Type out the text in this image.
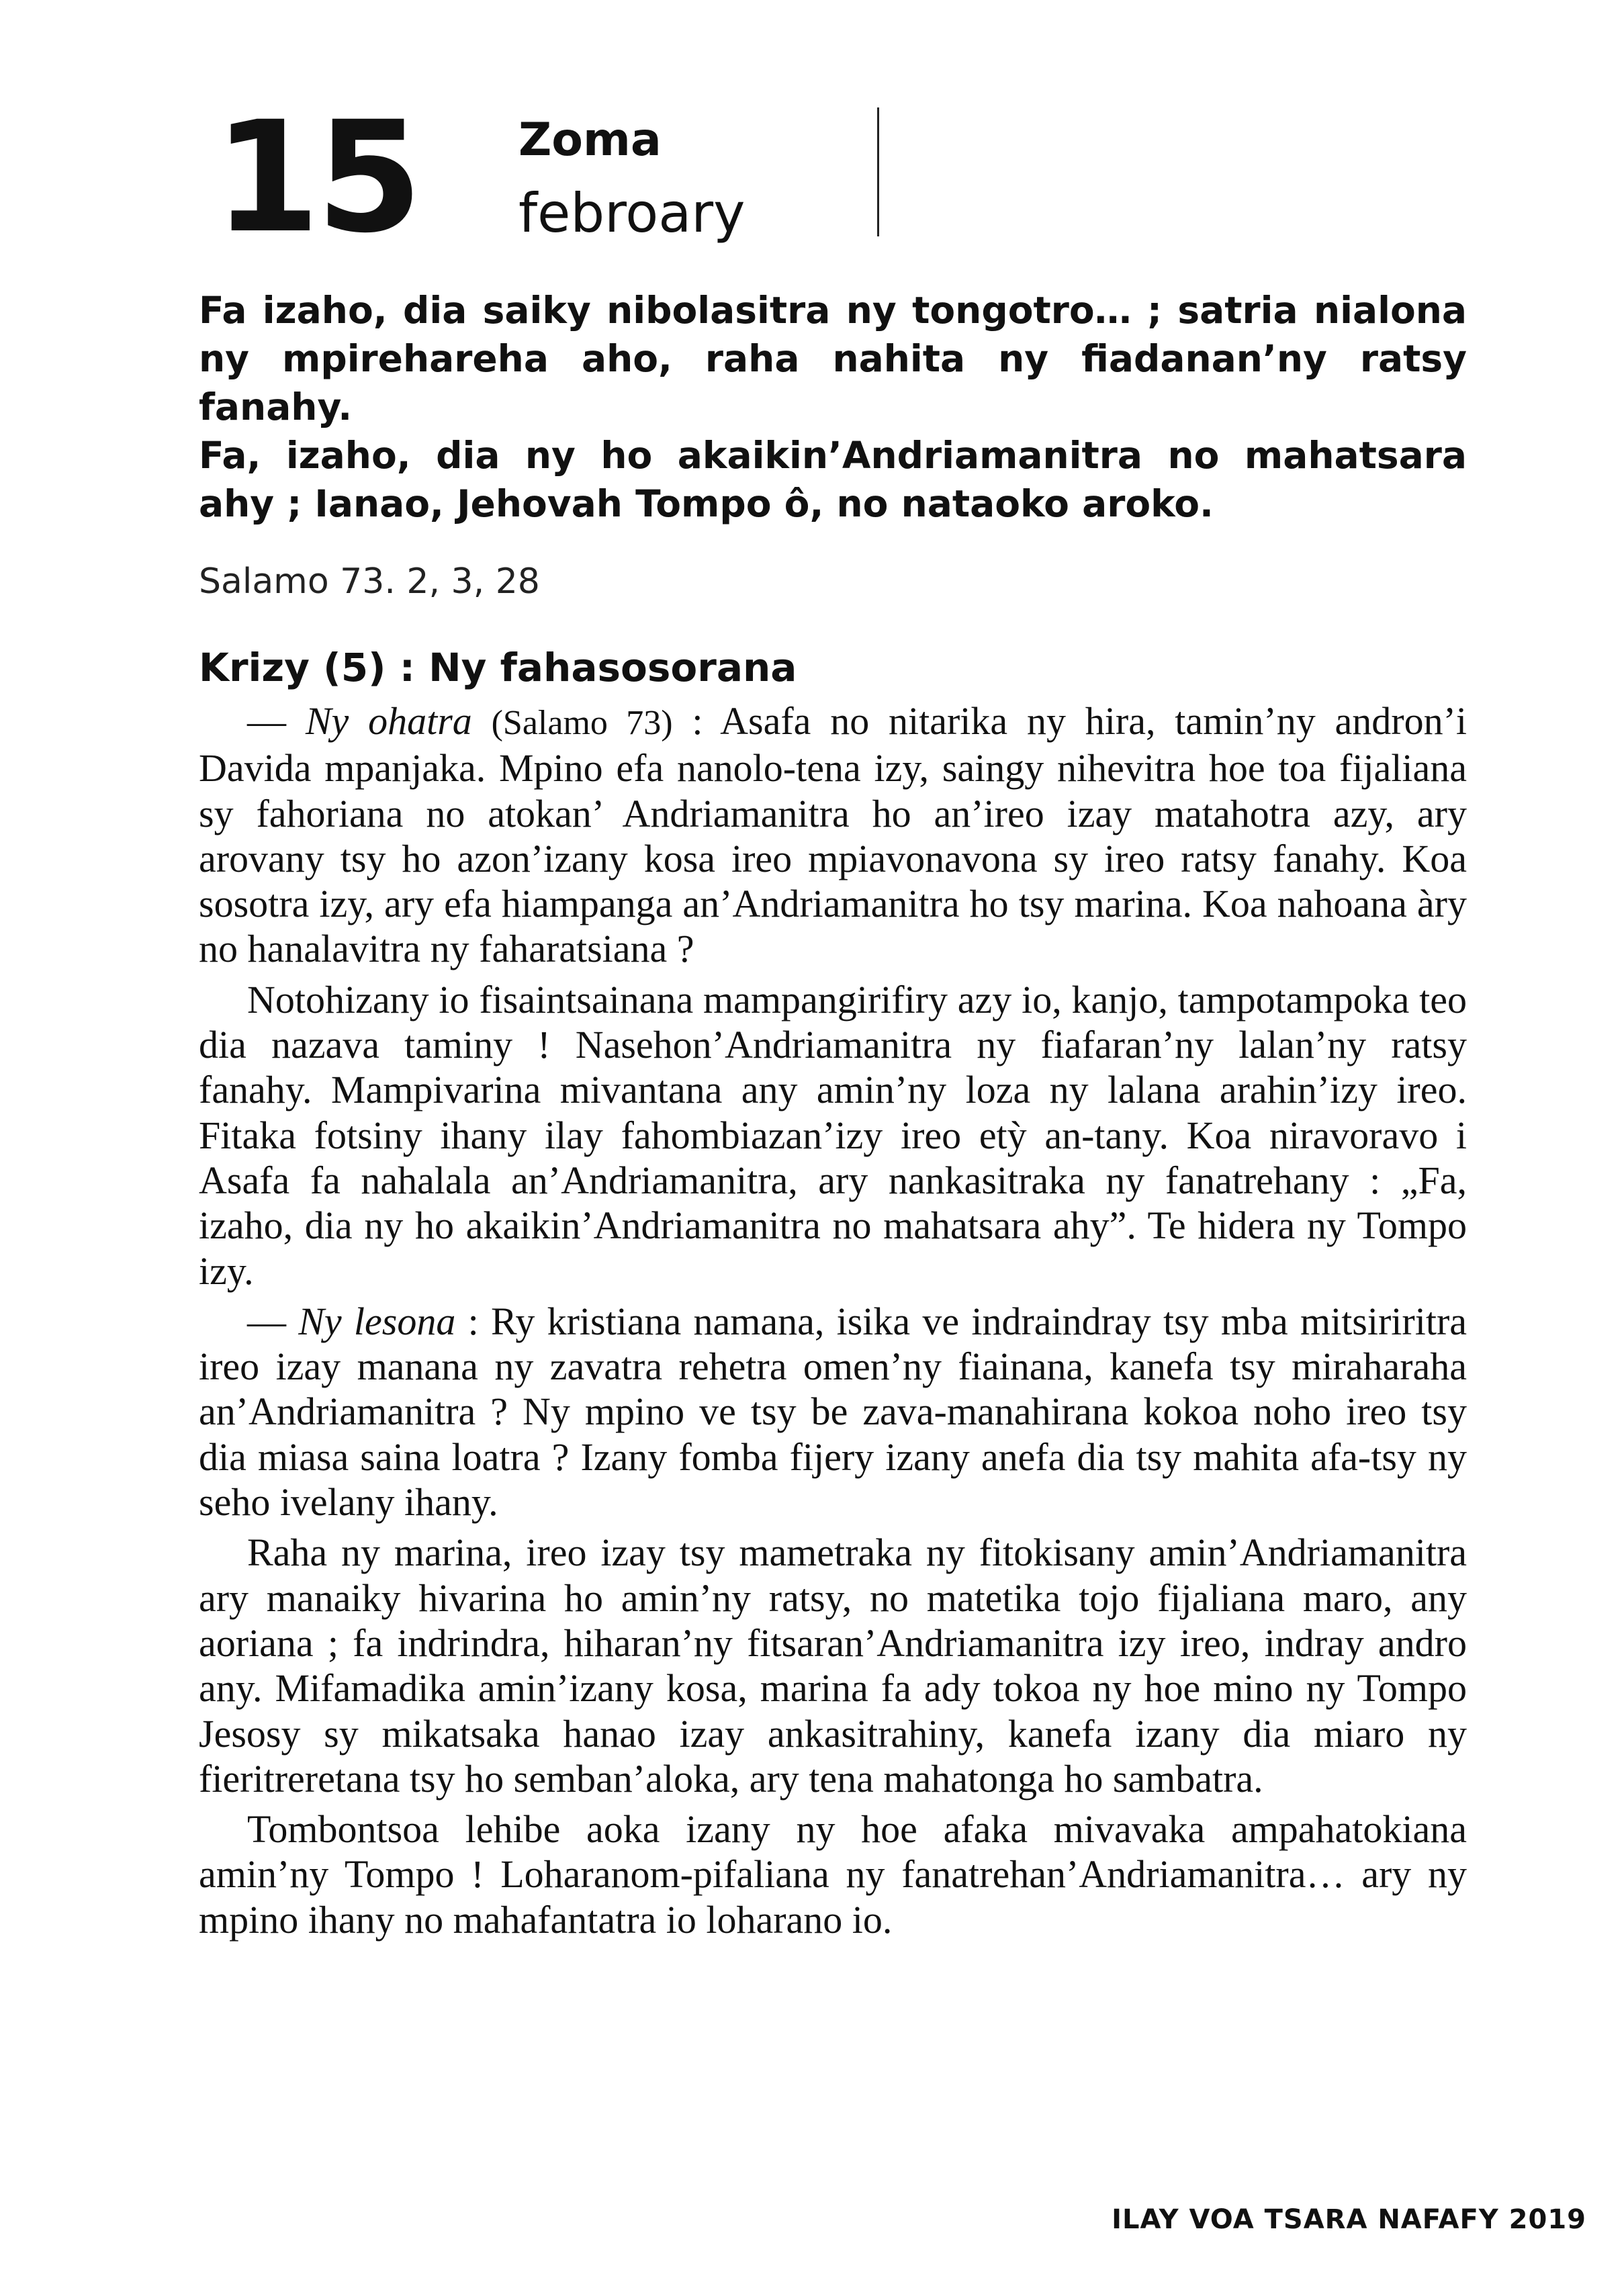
15 Zoma
febroary

Fa izaho, dia saiky nibolasitra ny tongotro… ; satria nialona ny mpirehareha aho, raha nahita ny fiadanan’ny ratsy fanahy.

Fa, izaho, dia ny ho akaikin’Andriamanitra no mahatsara ahy ; Ianao, Jehovah Tompo ô, no nataoko aroko.

Salamo 73. 2, 3, 28
Krizy (5) : Ny fahasosorana

— Ny ohatra (Salamo 73) : Asafa no nitarika ny hira, tamin’ny andron’i Davida mpanjaka. Mpino efa nanolo-tena izy, saingy nihevitra hoe toa fijaliana sy fahoriana no atokan’ Andriamanitra ho an’ireo izay matahotra azy, ary arovany tsy ho azon’izany kosa ireo mpiavonavona sy ireo ratsy fanahy. Koa sosotra izy, ary efa hiampanga an’Andriamanitra ho tsy marina. Koa nahoana àry no hanalavitra ny faharatsiana ?

Notohizany io fisaintsainana mampangirifiry azy io, kanjo, tampotampoka teo dia nazava taminy ! Nasehon’Andriamanitra ny fiafaran’ny lalan’ny ratsy fanahy. Mampivarina mivantana any amin’ny loza ny lalana arahin’izy ireo. Fitaka fotsiny ihany ilay fahombiazan’izy ireo etỳ an-tany. Koa niravoravo i Asafa fa nahalala an’Andriamanitra, ary nankasitraka ny fanatrehany : „Fa, izaho, dia ny ho akaikin’Andriamanitra no mahatsara ahy”. Te hidera ny Tompo izy.

— Ny lesona : Ry kristiana namana, isika ve indraindray tsy mba mitsiriritra ireo izay manana ny zavatra rehetra omen’ny fiainana, kanefa tsy miraharaha an’Andriamanitra ? Ny mpino ve tsy be zava-manahirana kokoa noho ireo tsy dia miasa saina loatra ? Izany fomba fijery izany anefa dia tsy mahita afa-tsy ny seho ivelany ihany.

Raha ny marina, ireo izay tsy mametraka ny fitokisany amin’Andriamanitra ary manaiky hivarina ho amin’ny ratsy, no matetika tojo fijaliana maro, any aoriana ; fa indrindra, hiharan’ny fitsaran’Andriamanitra izy ireo, indray andro any. Mifamadika amin’izany kosa, marina fa ady tokoa ny hoe mino ny Tompo Jesosy sy mikatsaka hanao izay ankasitrahiny, kanefa izany dia miaro ny fieritreretana tsy ho semban’aloka, ary tena mahatonga ho sambatra.

Tombontsoa lehibe aoka izany ny hoe afaka mivavaka ampahatokiana amin’ny Tompo ! Loharanom-pifaliana ny fanatrehan’Andriamanitra… ary ny mpino ihany no mahafantatra io loharano io.

ILAY VOA TSARA NAFAFY 2019
